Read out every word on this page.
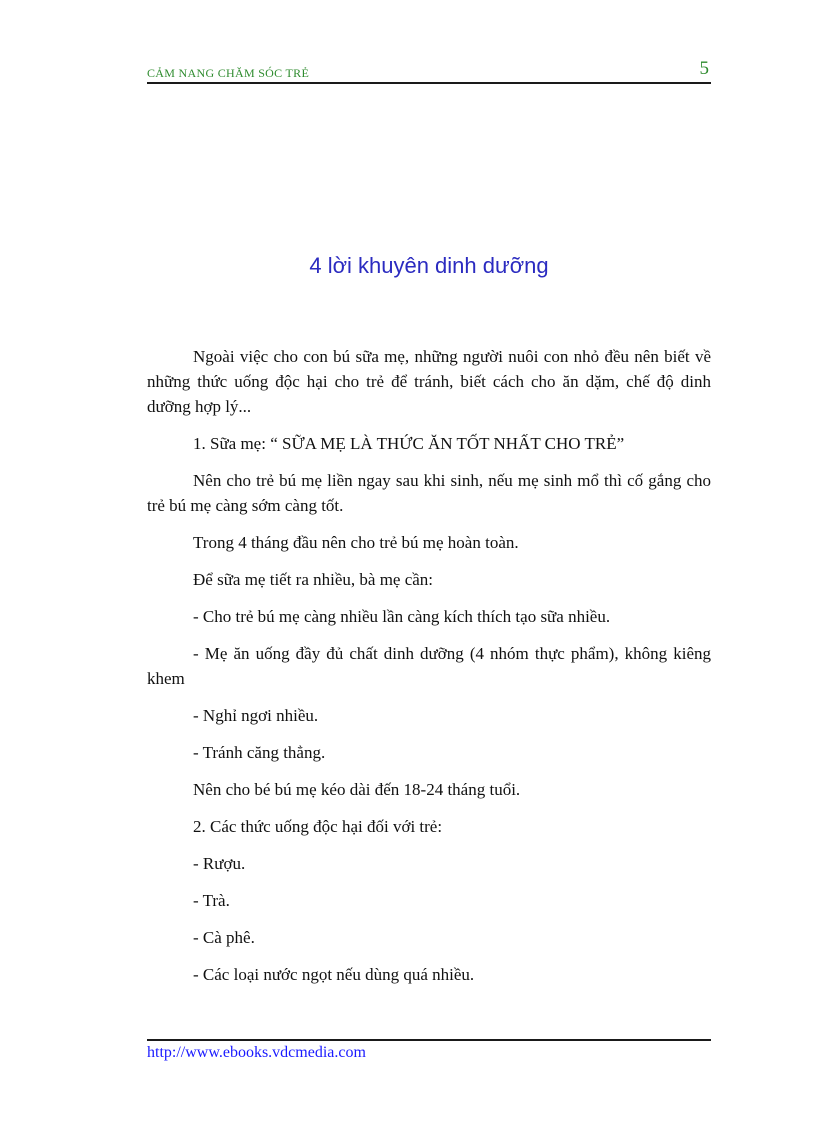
CẢM NANG CHĂM SÓC TRẺ	5
4 lời khuyên dinh dưỡng

Ngoài việc cho con bú sữa mẹ, những người nuôi con nhỏ đều nên biết về những thức uống độc hại cho trẻ để tránh, biết cách cho ăn dặm, chế độ dinh dưỡng hợp lý...

1. Sữa mẹ: “ SỮA MẸ LÀ THỨC ĂN TỐT NHẤT CHO TRẺ”

Nên cho trẻ bú mẹ liền ngay sau khi sinh, nếu mẹ sinh mổ thì cố gắng cho trẻ bú mẹ càng sớm càng tốt.

Trong 4 tháng đầu nên cho trẻ bú mẹ hoàn toàn.

Để sữa mẹ tiết ra nhiều, bà mẹ cần:

- Cho trẻ bú mẹ càng nhiều lần càng kích thích tạo sữa nhiều.

- Mẹ ăn uống đầy đủ chất dinh dưỡng (4 nhóm thực phẩm), không kiêng khem

- Nghỉ ngơi nhiều.

- Tránh căng thẳng.

Nên cho bé bú mẹ kéo dài đến 18-24 tháng tuổi.

2. Các thức uống độc hại đối với trẻ:

- Rượu.

- Trà.

- Cà phê.

- Các loại nước ngọt nếu dùng quá nhiều.

http://www.ebooks.vdcmedia.com
